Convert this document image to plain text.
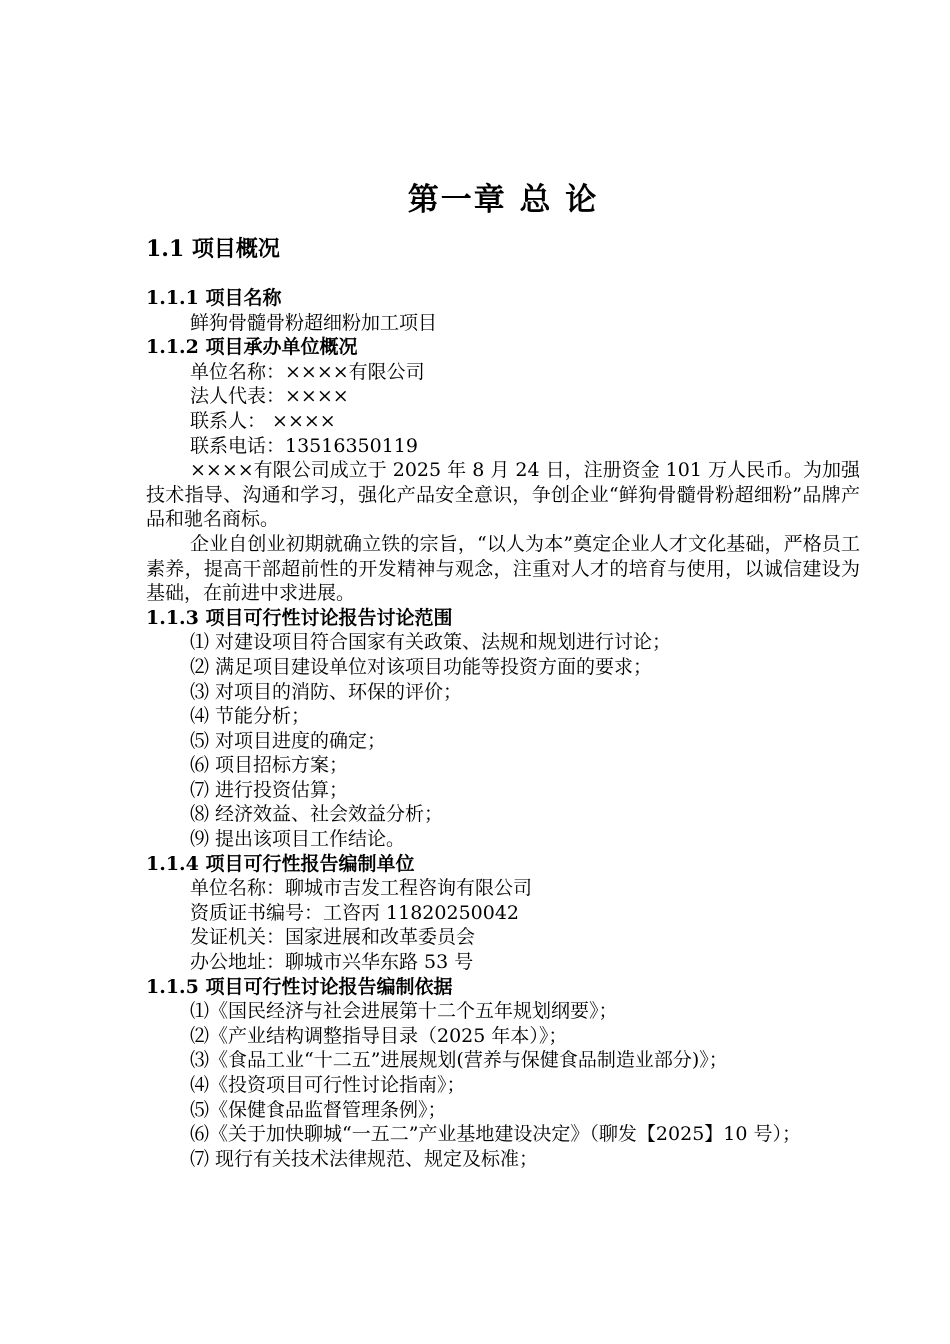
第一章 总 论
1.1 项目概况
1.1.1 项目名称
鲜狗骨髓骨粉超细粉加工项目
1.1.2 项目承办单位概况
单位名称：××××有限公司
法人代表：××××
联系人： ××××
联系电话：13516350119
××××有限公司成立于 2025 年 8 月 24 日，注册资金 101 万人民币。为加强技术指导、沟通和学习，强化产品安全意识，争创企业“鲜狗骨髓骨粉超细粉”品牌产品和驰名商标。
企业自创业初期就确立铁的宗旨，“以人为本”奠定企业人才文化基础，严格员工素养，提高干部超前性的开发精神与观念，注重对人才的培育与使用，以诚信建设为基础，在前进中求进展。
1.1.3 项目可行性讨论报告讨论范围
⑴ 对建设项目符合国家有关政策、法规和规划进行讨论；
⑵ 满足项目建设单位对该项目功能等投资方面的要求；
⑶ 对项目的消防、环保的评价；
⑷ 节能分析；
⑸ 对项目进度的确定；
⑹ 项目招标方案；
⑺ 进行投资估算；
⑻ 经济效益、社会效益分析；
⑼ 提出该项目工作结论。
1.1.4 项目可行性报告编制单位
单位名称：聊城市吉发工程咨询有限公司
资质证书编号：工咨丙 11820250042
发证机关：国家进展和改革委员会
办公地址：聊城市兴华东路 53 号
1.1.5 项目可行性讨论报告编制依据
⑴《国民经济与社会进展第十二个五年规划纲要》；
⑵《产业结构调整指导目录（2025 年本）》；
⑶《食品工业“十二五”进展规划(营养与保健食品制造业部分)》；
⑷《投资项目可行性讨论指南》；
⑸《保健食品监督管理条例》；
⑹《关于加快聊城“一五二”产业基地建设决定》（聊发【2025】10 号）；
⑺ 现行有关技术法律规范、规定及标准；
